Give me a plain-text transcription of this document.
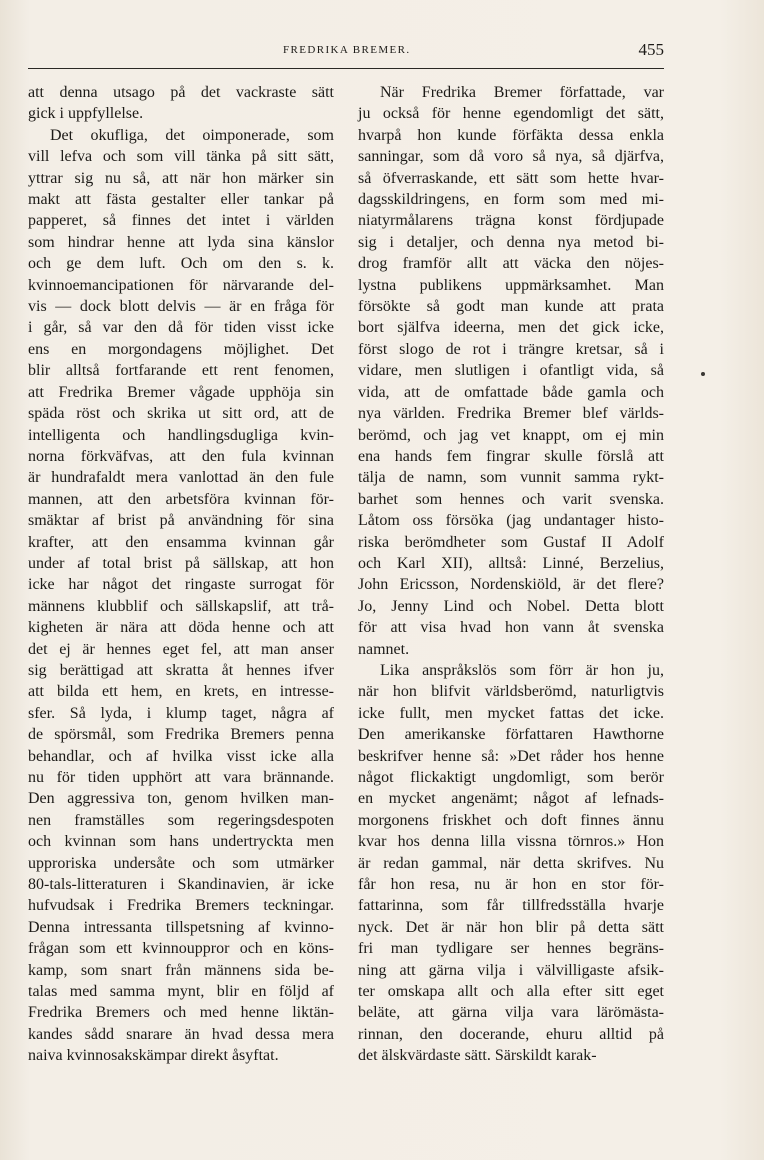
FREDRIKA BREMER.	455
att denna utsago på det vackraste sätt
gick i uppfyllelse.
Det okufliga, det oimponerade, som
vill lefva och som vill tänka på sitt sätt,
yttrar sig nu så, att när hon märker sin
makt att fästa gestalter eller tankar på
papperet, så finnes det intet i världen
som hindrar henne att lyda sina känslor
och ge dem luft. Och om den s. k.
kvinnoemancipationen för närvarande del-
vis — dock blott delvis — är en fråga för
i går, så var den då för tiden visst icke
ens en morgondagens möjlighet. Det
blir alltså fortfarande ett rent fenomen,
att Fredrika Bremer vågade upphöja sin
späda röst och skrika ut sitt ord, att de
intelligenta och handlingsdugliga kvin-
norna förkväfvas, att den fula kvinnan
är hundrafaldt mera vanlottad än den fule
mannen, att den arbetsföra kvinnan för-
smäktar af brist på användning för sina
krafter, att den ensamma kvinnan går
under af total brist på sällskap, att hon
icke har något det ringaste surrogat för
männens klubblif och sällskapslif, att trå-
kigheten är nära att döda henne och att
det ej är hennes eget fel, att man anser
sig berättigad att skratta åt hennes ifver
att bilda ett hem, en krets, en intresse-
sfer. Så lyda, i klump taget, några af
de spörsmål, som Fredrika Bremers penna
behandlar, och af hvilka visst icke alla
nu för tiden upphört att vara brännande.
Den aggressiva ton, genom hvilken man-
nen framställes som regeringsdespoten
och kvinnan som hans undertryckta men
upproriska undersåte och som utmärker
80-tals-litteraturen i Skandinavien, är icke
hufvudsak i Fredrika Bremers teckningar.
Denna intressanta tillspetsning af kvinno-
frågan som ett kvinnouppror och en köns-
kamp, som snart från männens sida be-
talas med samma mynt, blir en följd af
Fredrika Bremers och med henne liktän-
kandes sådd snarare än hvad dessa mera
naiva kvinnosakskämpar direkt åsyftat.
När Fredrika Bremer författade, var
ju också för henne egendomligt det sätt,
hvarpå hon kunde förfäkta dessa enkla
sanningar, som då voro så nya, så djärfva,
så öfverraskande, ett sätt som hette hvar-
dagsskildringens, en form som med mi-
niatyrmålarens trägna konst fördjupade
sig i detaljer, och denna nya metod bi-
drog framför allt att väcka den nöjes-
lystna publikens uppmärksamhet. Man
försökte så godt man kunde att prata
bort själfva ideerna, men det gick icke,
först slogo de rot i trängre kretsar, så i
vidare, men slutligen i ofantligt vida, så
vida, att de omfattade både gamla och
nya världen. Fredrika Bremer blef världs-
berömd, och jag vet knappt, om ej min
ena hands fem fingrar skulle förslå att
tälja de namn, som vunnit samma rykt-
barhet som hennes och varit svenska.
Låtom oss försöka (jag undantager histo-
riska berömdheter som Gustaf II Adolf
och Karl XII), alltså: Linné, Berzelius,
John Ericsson, Nordenskiöld, är det flere?
Jo, Jenny Lind och Nobel. Detta blott
för att visa hvad hon vann åt svenska
namnet.
Lika anspråkslös som förr är hon ju,
när hon blifvit världsberömd, naturligtvis
icke fullt, men mycket fattas det icke.
Den amerikanske författaren Hawthorne
beskrifver henne så: »Det råder hos henne
något flickaktigt ungdomligt, som berör
en mycket angenämt; något af lefnads-
morgonens friskhet och doft finnes ännu
kvar hos denna lilla vissna törnros.» Hon
är redan gammal, när detta skrifves. Nu
får hon resa, nu är hon en stor för-
fattarinna, som får tillfredsställa hvarje
nyck. Det är när hon blir på detta sätt
fri man tydligare ser hennes begräns-
ning att gärna vilja i välvilligaste afsik-
ter omskapa allt och alla efter sitt eget
beläte, att gärna vilja vara lärömästa-
rinnan, den docerande, ehuru alltid på
det älskvärdaste sätt. Särskildt karak-
